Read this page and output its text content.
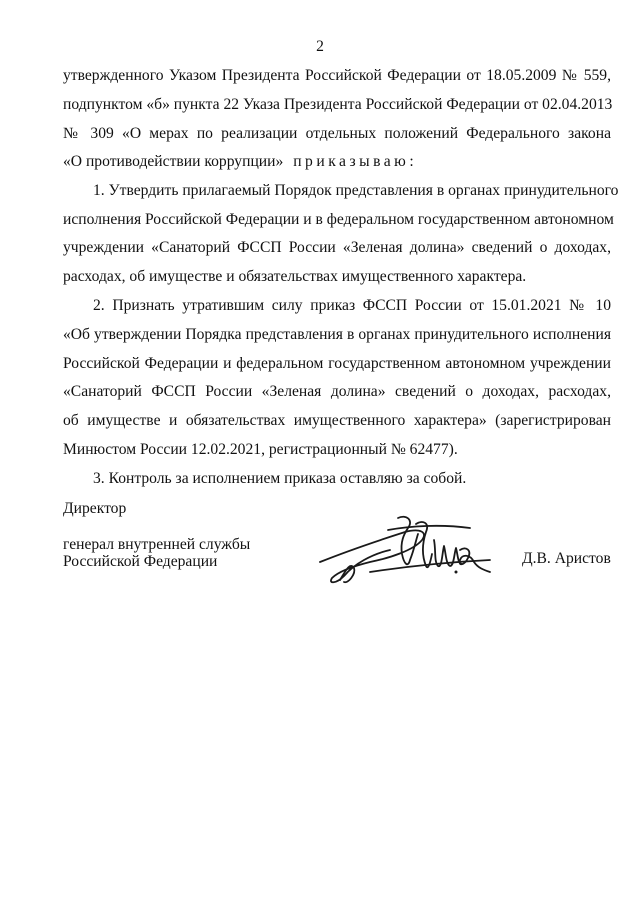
2
утвержденного Указом Президента Российской Федерации от 18.05.2009 № 559,
подпунктом «б» пункта 22 Указа Президента Российской Федерации от 02.04.2013
№ 309 «О мерах по реализации отдельных положений Федерального закона
«О противодействии коррупции» приказываю:
1. Утвердить прилагаемый Порядок представления в органах принудительного
исполнения Российской Федерации и в федеральном государственном автономном
учреждении «Санаторий ФССП России «Зеленая долина» сведений о доходах,
расходах, об имуществе и обязательствах имущественного характера.
2. Признать утратившим силу приказ ФССП России от 15.01.2021 № 10
«Об утверждении Порядка представления в органах принудительного исполнения
Российской Федерации и федеральном государственном автономном учреждении
«Санаторий ФССП России «Зеленая долина» сведений о доходах, расходах,
об имуществе и обязательствах имущественного характера» (зарегистрирован
Минюстом России 12.02.2021, регистрационный № 62477).
3. Контроль за исполнением приказа оставляю за собой.
Директор
генерал внутренней службы
Российской Федерации	Д.В. Аристов
